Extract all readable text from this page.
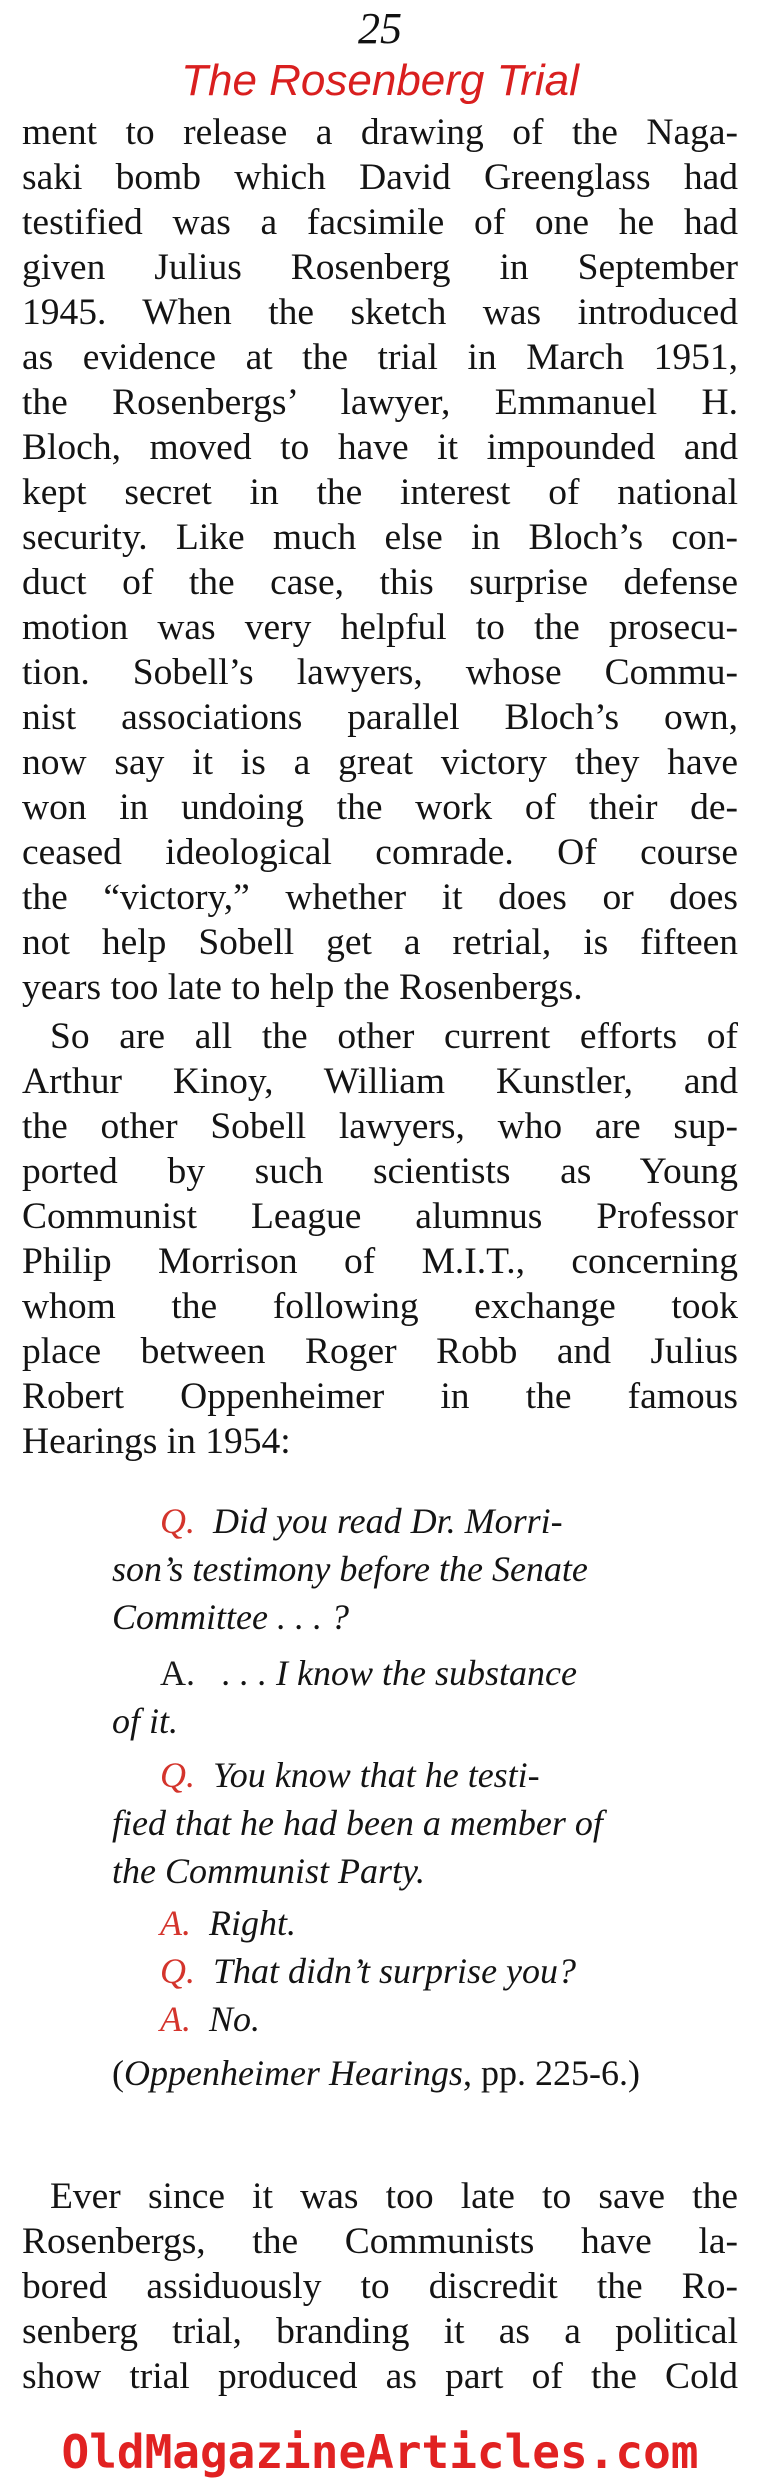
25
The Rosenberg Trial
ment to release a drawing of the Naga-
saki bomb which David Greenglass had
testified was a facsimile of one he had
given Julius Rosenberg in September
1945. When the sketch was introduced
as evidence at the trial in March 1951,
the Rosenbergs’ lawyer, Emmanuel H.
Bloch, moved to have it impounded and
kept secret in the interest of national
security. Like much else in Bloch’s con-
duct of the case, this surprise defense
motion was very helpful to the prosecu-
tion. Sobell’s lawyers, whose Commu-
nist associations parallel Bloch’s own,
now say it is a great victory they have
won in undoing the work of their de-
ceased ideological comrade. Of course
the “victory,” whether it does or does
not help Sobell get a retrial, is fifteen
years too late to help the Rosenbergs.
So are all the other current efforts of
Arthur Kinoy, William Kunstler, and
the other Sobell lawyers, who are sup-
ported by such scientists as Young
Communist League alumnus Professor
Philip Morrison of M.I.T., concerning
whom the following exchange took
place between Roger Robb and Julius
Robert Oppenheimer in the famous
Hearings in 1954:
Q. Did you read Dr. Morri-
son’s testimony before the Senate
Committee . . . ?
A. . . . I know the substance
of it.
Q. You know that he testi-
fied that he had been a member of
the Communist Party.
A. Right.
Q. That didn’t surprise you?
A. No.
(Oppenheimer Hearings, pp. 225-6.)
Ever since it was too late to save the
Rosenbergs, the Communists have la-
bored assiduously to discredit the Ro-
senberg trial, branding it as a political
show trial produced as part of the Cold
OldMagazineArticles.com
